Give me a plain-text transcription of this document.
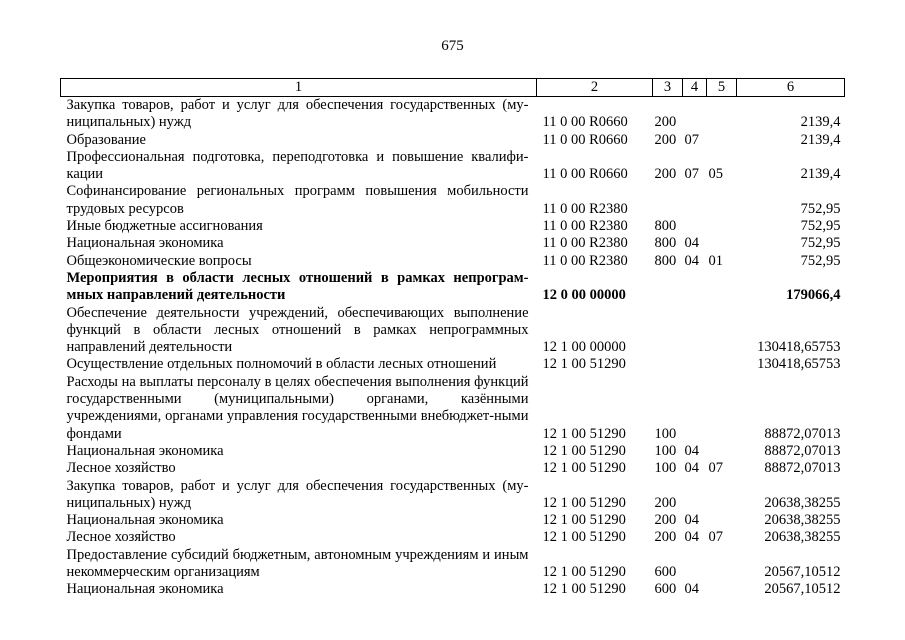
675
1	2	3	4	5	6
Закупка товаров, работ и услуг для обеспечения государственных (му-ниципальных) нужд	11 0 00 R0660	200			2139,4
Образование	11 0 00 R0660	200	07		2139,4
Профессиональная подготовка, переподготовка и повышение квалифи-кации	11 0 00 R0660	200	07	05	2139,4
Софинансирование региональных программ повышения мобильности трудовых ресурсов	11 0 00 R2380				752,95
Иные бюджетные ассигнования	11 0 00 R2380	800			752,95
Национальная экономика	11 0 00 R2380	800	04		752,95
Общеэкономические вопросы	11 0 00 R2380	800	04	01	752,95
Мероприятия в области лесных отношений в рамках непрограм-мных направлений деятельности	12 0 00 00000				179066,4
Обеспечение деятельности учреждений, обеспечивающих выполнение функций в области лесных отношений в рамках непрограммных направлений деятельности	12 1 00 00000				130418,65753
Осуществление отдельных полномочий в области лесных отношений	12 1 00 51290				130418,65753
Расходы на выплаты персоналу в целях обеспечения выполнения функций государственными (муниципальными) органами, казёнными учреждениями, органами управления государственными внебюджет-ными фондами	12 1 00 51290	100			88872,07013
Национальная экономика	12 1 00 51290	100	04		88872,07013
Лесное хозяйство	12 1 00 51290	100	04	07	88872,07013
Закупка товаров, работ и услуг для обеспечения государственных (му-ниципальных) нужд	12 1 00 51290	200			20638,38255
Национальная экономика	12 1 00 51290	200	04		20638,38255
Лесное хозяйство	12 1 00 51290	200	04	07	20638,38255
Предоставление субсидий бюджетным, автономным учреждениям и иным некоммерческим организациям	12 1 00 51290	600			20567,10512
Национальная экономика	12 1 00 51290	600	04		20567,10512
